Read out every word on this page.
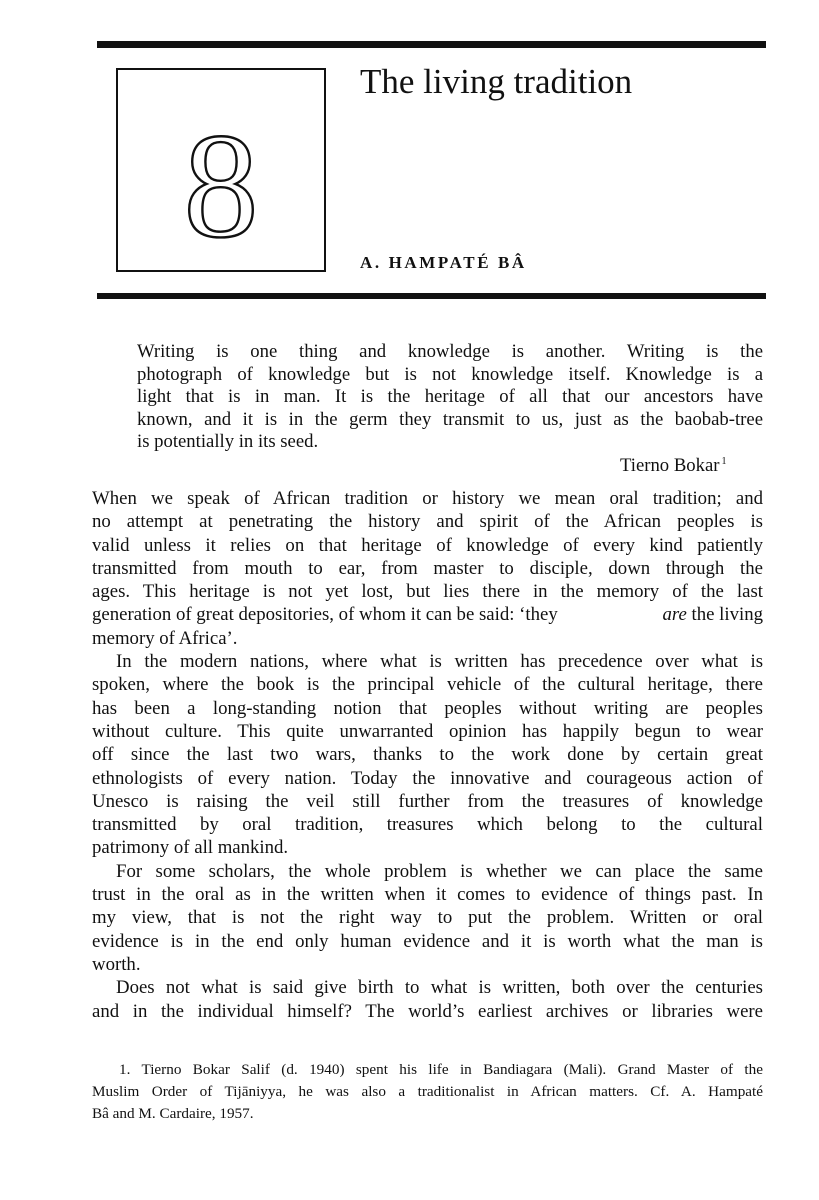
8
The living tradition
A. HAMPATÉ BÂ
Writing is one thing and knowledge is another. Writing is the
photograph of knowledge but is not knowledge itself. Knowledge is a
light that is in man. It is the heritage of all that our ancestors have
known, and it is in the germ they transmit to us, just as the baobab-tree
is potentially in its seed.
Tierno Bokar $^1$
When we speak of African tradition or history we mean oral tradition; and
no attempt at penetrating the history and spirit of the African peoples is
valid unless it relies on that heritage of knowledge of every kind patiently
transmitted from mouth to ear, from master to disciple, down through the
ages. This heritage is not yet lost, but lies there in the memory of the last
generation of great depositories, of whom it can be said: ‘they	are the living
memory of Africa’.
In the modern nations, where what is written has precedence over what is
spoken, where the book is the principal vehicle of the cultural heritage, there
has been a long-standing notion that peoples without writing are peoples
without culture. This quite unwarranted opinion has happily begun to wear
off since the last two wars, thanks to the work done by certain great
ethnologists of every nation. Today the innovative and courageous action of
Unesco is raising the veil still further from the treasures of knowledge
transmitted by oral tradition, treasures which belong to the cultural
patrimony of all mankind.
For some scholars, the whole problem is whether we can place the same
trust in the oral as in the written when it comes to evidence of things past. In
my view, that is not the right way to put the problem. Written or oral
evidence is in the end only human evidence and it is worth what the man is
worth.
Does not what is said give birth to what is written, both over the centuries
and in the individual himself? The world’s earliest archives or libraries were
1. Tierno Bokar Salif (d. 1940) spent his life in Bandiagara (Mali). Grand Master of the
Muslim Order of Tijāniyya, he was also a traditionalist in African matters. Cf. A. Hampaté
Bâ and M. Cardaire, 1957.
